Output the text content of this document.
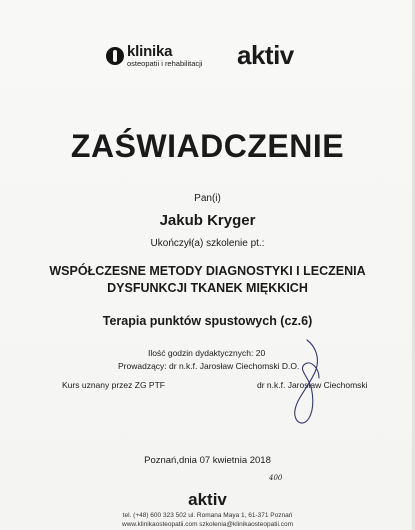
klinika
osteopatii i rehabilitacji aktiv
ZAŚWIADCZENIE
Pan(i)
Jakub Kryger
Ukończył(a) szkolenie pt.:
WSPÓŁCZESNE METODY DIAGNOSTYKI I LECZENIA
DYSFUNKCJI TKANEK MIĘKKICH
Terapia punktów spustowych (cz.6)
Ilość godzin dydaktycznych: 20
Prowadzący: dr n.k.f. Jarosław Ciechomski D.O.
Kurs uznany przez ZG PTF	dr n.k.f. Jarosław Ciechomski
Poznań,dnia 07 kwietnia 2018
400
aktiv
tel. (+48) 600 323 502 ul. Romana Maya 1, 61-371 Poznań
www.klinikaosteopatii.com szkolenia@klinikaosteopatii.com
